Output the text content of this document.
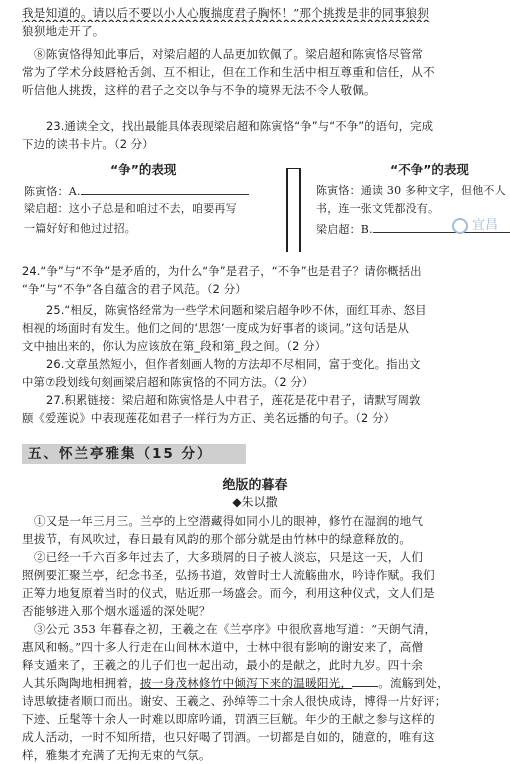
我是知道的。请以后不要以小人心腹揣度君子胸怀！”那个挑拨是非的同事狼狈
狼狈地走开了。
⑧陈寅恪得知此事后，对梁启超的人品更加钦佩了。梁启超和陈寅恪尽管常
常为了学术分歧唇枪舌剑、互不相让，但在工作和生活中相互尊重和信任，从不
听信他人挑拨，这样的君子之交以争与不争的境界无法不令人敬佩。
23.通读全文，找出最能具体表现梁启超和陈寅恪“争”与“不争”的语句，完成
下边的读书卡片。（2 分）
“争”的表现	“不争”的表现
陈寅恪：A.
梁启超：这小子总是和咱过不去，咱要再写
一篇好好和他过过招。
陈寅恪：通读 30 多种文字，但他不人
书，连一张文凭都没有。
梁启超：B.	宜昌
24.“争”与“不争”是矛盾的，为什么“争”是君子，“不争”也是君子？请你概括出
“争”与“不争”各自蕴含的君子风范。（2 分）
25.“相反，陈寅恪经常为一些学术问题和梁启超争吵不休，面红耳赤、怒目
相视的场面时有发生。他们之间的‘思怨’一度成为好事者的谈词。”这句话是从
文中抽出来的，你认为应该放在第_段和第_段之间。（2 分）
26.文章虽然短小，但作者刻画人物的方法却不尽相同，富于变化。指出文
中第⑦段划线句刻画梁启超和陈寅恪的不同方法。（2 分）
27.积累链接：梁启超和陈寅恪是人中君子，莲花是花中君子，请默写周敦
颐《爱莲说》中表现莲花如君子一样行为方正、美名远播的句子。（2 分）
五、怀兰亭雅集（15 分）
绝版的暮春
◆朱以撒
①又是一年三月三。兰亭的上空潜藏得如同小儿的眼神，修竹在湿润的地气
里拔节，有风吹过，春日最有风韵的那个部分就是由竹林中的绿意释放的。
②已经一千六百多年过去了，大多琐屑的日子被人淡忘，只是这一天，人们
照例要汇聚兰亭，纪念书圣，弘扬书道，效曾时士人流觞曲水，吟诗作赋。我们
正筹力地复原着当时的仪式，贴近那一场盛会。而今，利用这种仪式，文人们是
否能够进入那个烟水遥遥的深处呢？
③公元 353 年暮春之初，王羲之在《兰亭序》中很欣喜地写道：“天朗气清，
惠风和畅。”四十多人行走在山间林木道中，士林中很有影响的谢安来了，高僧
释支遁来了，王羲之的儿子们也一起出动，最小的是献之，此时九岁。四十余
人其乐陶陶地相拥着，披一身茂林修竹中倾泻下来的温暖阳光， 。流觞到处，
诗思敏捷者顺口而出。谢安、王羲之、孙绰等二十余人很快成诗，博得一片好评；
下迹、丘髦等十余人一时难以即席吟诵，罚酒三巨觥。年少的王献之参与这样的
成人活动，一时不知所措，也只好喝了罚酒。一切都是自如的，随意的，唯有这
样，雅集才充满了无拘无束的气氛。
